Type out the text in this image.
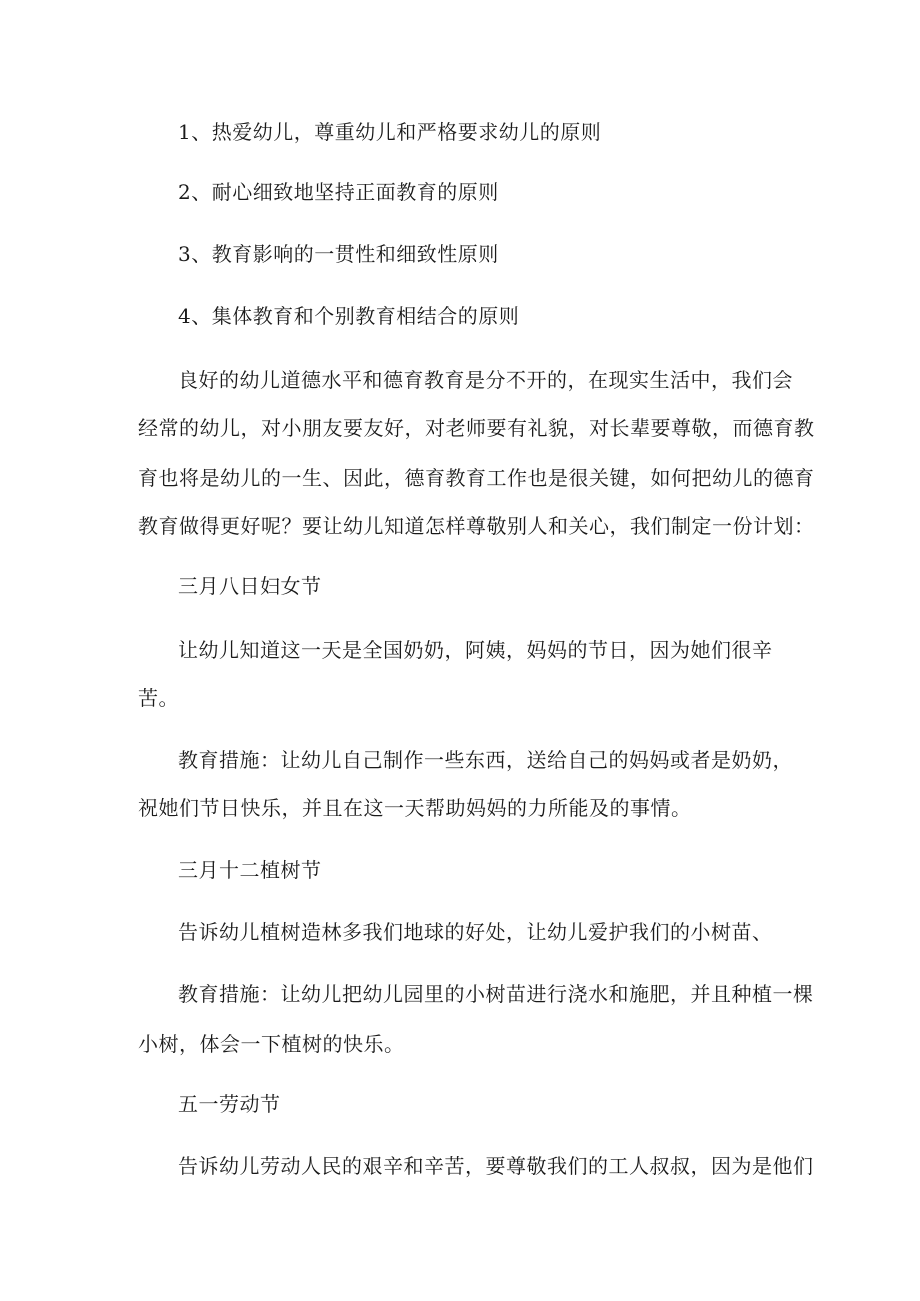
1、热爱幼儿，尊重幼儿和严格要求幼儿的原则

2、耐心细致地坚持正面教育的原则

3、教育影响的一贯性和细致性原则

4、集体教育和个别教育相结合的原则

良好的幼儿道德水平和德育教育是分不开的，在现实生活中，我们会

经常的幼儿，对小朋友要友好，对老师要有礼貌，对长辈要尊敬，而德育教

育也将是幼儿的一生、因此，德育教育工作也是很关键，如何把幼儿的德育

教育做得更好呢？要让幼儿知道怎样尊敬别人和关心，我们制定一份计划：

三月八日妇女节

让幼儿知道这一天是全国奶奶，阿姨，妈妈的节日，因为她们很辛

苦。

教育措施：让幼儿自己制作一些东西，送给自己的妈妈或者是奶奶，

祝她们节日快乐，并且在这一天帮助妈妈的力所能及的事情。

三月十二植树节

告诉幼儿植树造林多我们地球的好处，让幼儿爱护我们的小树苗、

教育措施：让幼儿把幼儿园里的小树苗进行浇水和施肥，并且种植一棵

小树，体会一下植树的快乐。

五一劳动节

告诉幼儿劳动人民的艰辛和辛苦，要尊敬我们的工人叔叔，因为是他们
